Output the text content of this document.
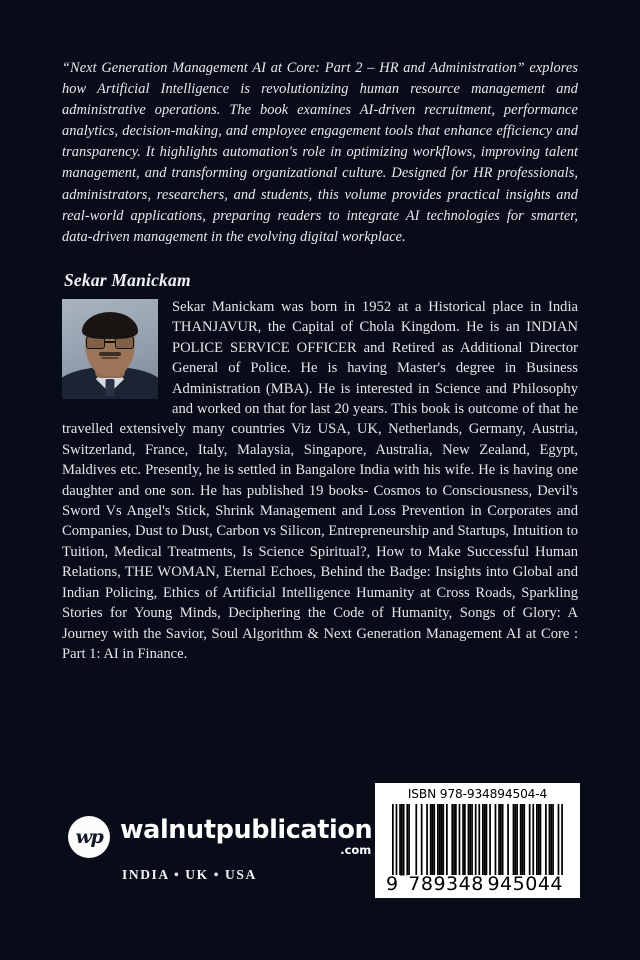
“Next Generation Management AI at Core: Part 2 – HR and Administration” explores how Artificial Intelligence is revolutionizing human resource management and administrative operations. The book examines AI-driven recruitment, performance analytics, decision-making, and employee engagement tools that enhance efficiency and transparency. It highlights automation's role in optimizing workflows, improving talent management, and transforming organizational culture. Designed for HR professionals, administrators, researchers, and students, this volume provides practical insights and real-world applications, preparing readers to integrate AI technologies for smarter, data-driven management in the evolving digital workplace.
Sekar Manickam

Sekar Manickam was born in 1952 at a Historical place in India THANJAVUR, the Capital of Chola Kingdom. He is an INDIAN POLICE SERVICE OFFICER and Retired as Additional Director General of Police. He is having Master's degree in Business Administration (MBA). He is interested in Science and Philosophy and worked on that for last 20 years. This book is outcome of that he travelled extensively many countries Viz USA, UK, Netherlands, Germany, Austria, Switzerland, France, Italy, Malaysia, Singapore, Australia, New Zealand, Egypt, Maldives etc. Presently, he is settled in Bangalore India with his wife. He is having one daughter and one son. He has published 19 books- Cosmos to Consciousness, Devil's Sword Vs Angel's Stick, Shrink Management and Loss Prevention in Corporates and Companies, Dust to Dust, Carbon vs Silicon, Entrepreneurship and Startups, Intuition to Tuition, Medical Treatments, Is Science Spiritual?, How to Make Successful Human Relations, THE WOMAN, Eternal Echoes, Behind the Badge: Insights into Global and Indian Policing, Ethics of Artificial Intelligence Humanity at Cross Roads, Sparkling Stories for Young Minds, Deciphering the Code of Humanity, Songs of Glory: A Journey with the Savior, Soul Algorithm & Next Generation Management AI at Core : Part 1: AI in Finance.

wp walnutpublication
.com
INDIA • UK • USA
ISBN 978-934894504-4
9 789348 945044
